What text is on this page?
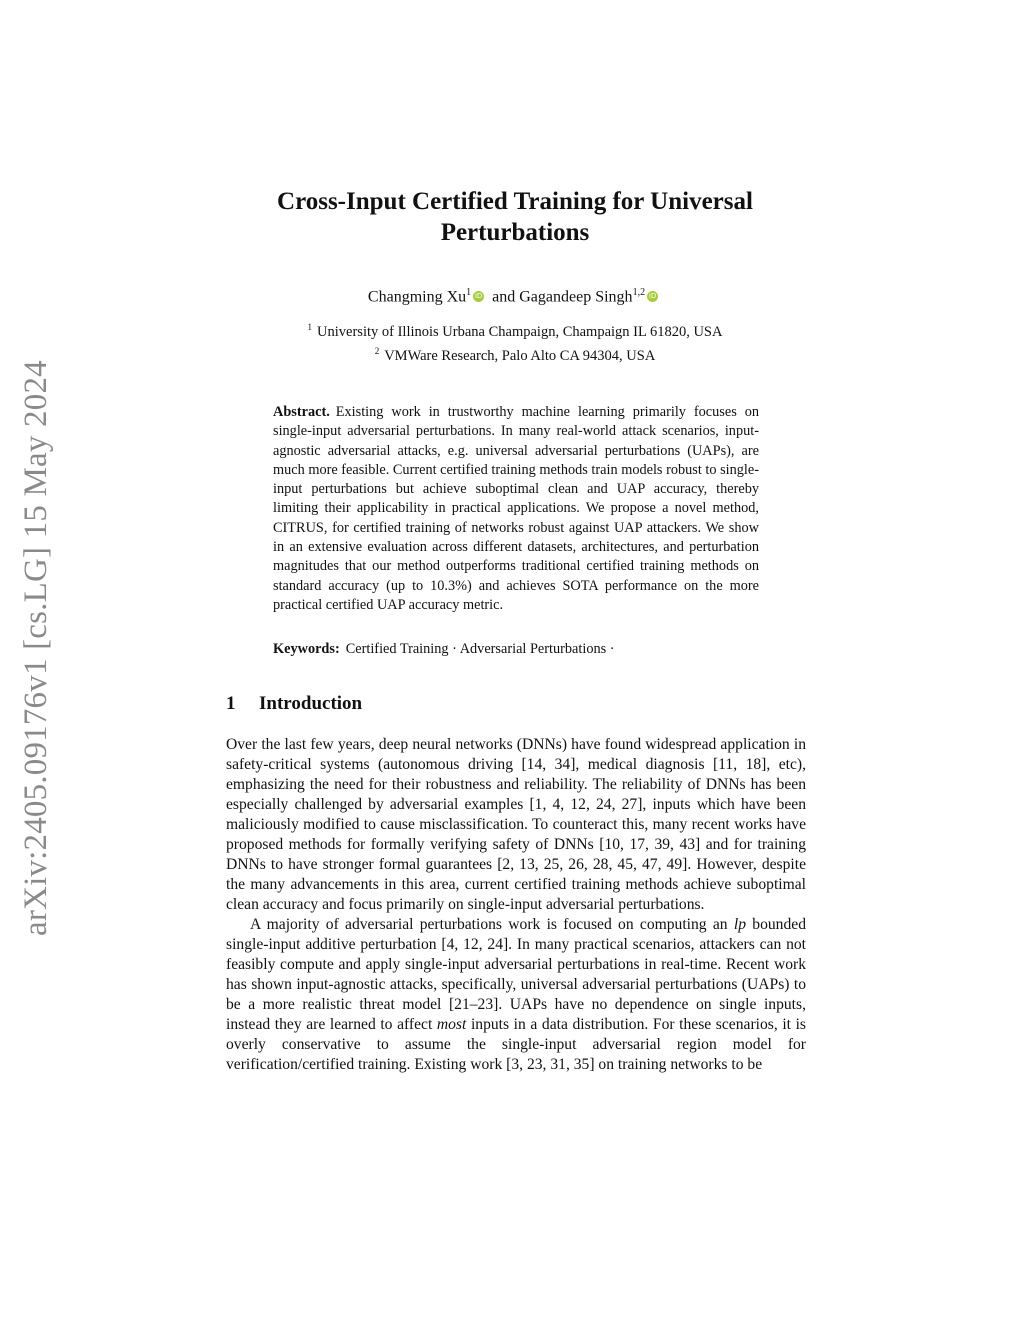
arXiv:2405.09176v1 [cs.LG] 15 May 2024
Cross-Input Certified Training for Universal
Perturbations
Changming Xu$^1$ iD and Gagandeep Singh$^{1,2}$ iD
$^1$ University of Illinois Urbana Champaign, Champaign IL 61820, USA
$^2$ VMWare Research, Palo Alto CA 94304, USA

Abstract. Existing work in trustworthy machine learning primarily focuses on single-input adversarial perturbations. In many real-world attack scenarios, input-agnostic adversarial attacks, e.g. universal adversarial perturbations (UAPs), are much more feasible. Current certified training methods train models robust to single-input perturbations but achieve suboptimal clean and UAP accuracy, thereby limiting their applicability in practical applications. We propose a novel method, CITRUS, for certified training of networks robust against UAP attackers. We show in an extensive evaluation across different datasets, architectures, and perturbation magnitudes that our method outperforms traditional certified training methods on standard accuracy (up to 10.3%) and achieves SOTA performance on the more practical certified UAP accuracy metric.

Keywords: Certified Training · Adversarial Perturbations ·
1 Introduction

Over the last few years, deep neural networks (DNNs) have found widespread application in safety-critical systems (autonomous driving [14, 34], medical diagnosis [11, 18], etc), emphasizing the need for their robustness and reliability. The reliability of DNNs has been especially challenged by adversarial examples [1, 4, 12, 24, 27], inputs which have been maliciously modified to cause misclassification. To counteract this, many recent works have proposed methods for formally verifying safety of DNNs [10, 17, 39, 43] and for training DNNs to have stronger formal guarantees [2, 13, 25, 26, 28, 45, 47, 49]. However, despite the many advancements in this area, current certified training methods achieve suboptimal clean accuracy and focus primarily on single-input adversarial perturbations.

A majority of adversarial perturbations work is focused on computing an lp bounded single-input additive perturbation [4, 12, 24]. In many practical scenarios, attackers can not feasibly compute and apply single-input adversarial perturbations in real-time. Recent work has shown input-agnostic attacks, specifically, universal adversarial perturbations (UAPs) to be a more realistic threat model [21–23]. UAPs have no dependence on single inputs, instead they are learned to affect most inputs in a data distribution. For these scenarios, it is overly conservative to assume the single-input adversarial region model for verification/certified training. Existing work [3, 23, 31, 35] on training networks to be
